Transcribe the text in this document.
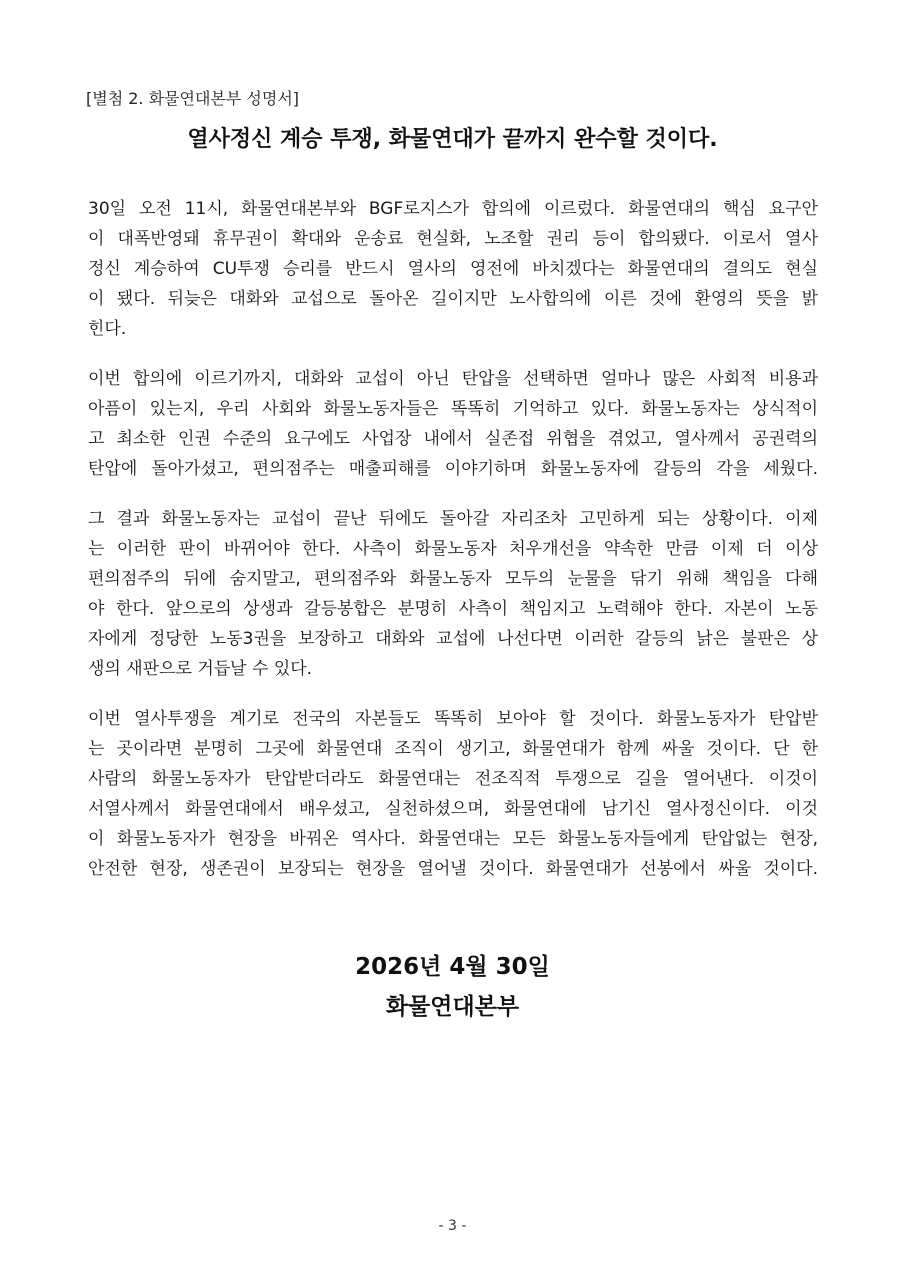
[별첨 2. 화물연대본부 성명서]
열사정신 계승 투쟁, 화물연대가 끝까지 완수할 것이다.
30일 오전 11시, 화물연대본부와 BGF로지스가 합의에 이르렀다. 화물연대의 핵심 요구안
이 대폭반영돼 휴무권이 확대와 운송료 현실화, 노조할 권리 등이 합의됐다. 이로서 열사
정신 계승하여 CU투쟁 승리를 반드시 열사의 영전에 바치겠다는 화물연대의 결의도 현실
이 됐다. 뒤늦은 대화와 교섭으로 돌아온 길이지만 노사합의에 이른 것에 환영의 뜻을 밝
힌다.
이번 합의에 이르기까지, 대화와 교섭이 아닌 탄압을 선택하면 얼마나 많은 사회적 비용과
아픔이 있는지, 우리 사회와 화물노동자들은 똑똑히 기억하고 있다. 화물노동자는 상식적이
고 최소한 인권 수준의 요구에도 사업장 내에서 실존접 위협을 겪었고, 열사께서 공권력의
탄압에 돌아가셨고, 편의점주는 매출피해를 이야기하며 화물노동자에 갈등의 각을 세웠다.
그 결과 화물노동자는 교섭이 끝난 뒤에도 돌아갈 자리조차 고민하게 되는 상황이다. 이제
는 이러한 판이 바뀌어야 한다. 사측이 화물노동자 처우개선을 약속한 만큼 이제 더 이상
편의점주의 뒤에 숨지말고, 편의점주와 화물노동자 모두의 눈물을 닦기 위해 책임을 다해
야 한다. 앞으로의 상생과 갈등봉합은 분명히 사측이 책임지고 노력해야 한다. 자본이 노동
자에게 정당한 노동3권을 보장하고 대화와 교섭에 나선다면 이러한 갈등의 낡은 불판은 상
생의 새판으로 거듭날 수 있다.
이번 열사투쟁을 계기로 전국의 자본들도 똑똑히 보아야 할 것이다. 화물노동자가 탄압받
는 곳이라면 분명히 그곳에 화물연대 조직이 생기고, 화물연대가 함께 싸울 것이다. 단 한
사람의 화물노동자가 탄압받더라도 화물연대는 전조직적 투쟁으로 길을 열어낸다. 이것이
서열사께서 화물연대에서 배우셨고, 실천하셨으며, 화물연대에 남기신 열사정신이다. 이것
이 화물노동자가 현장을 바꿔온 역사다. 화물연대는 모든 화물노동자들에게 탄압없는 현장,
안전한 현장, 생존권이 보장되는 현장을 열어낼 것이다. 화물연대가 선봉에서 싸울 것이다.
2026년 4월 30일
화물연대본부
- 3 -
